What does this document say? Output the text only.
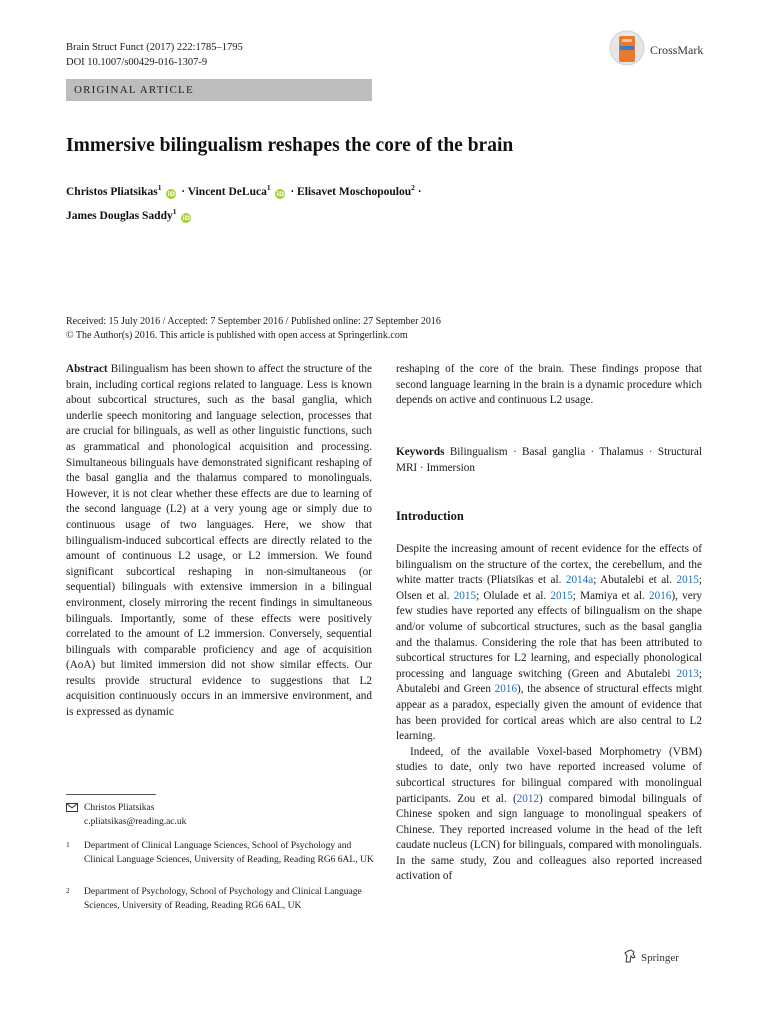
Brain Struct Funct (2017) 222:1785–1795
DOI 10.1007/s00429-016-1307-9
CrossMark
ORIGINAL ARTICLE
Immersive bilingualism reshapes the core of the brain
Christos Pliatsikas$^1$ iD · Vincent DeLuca$^1$ iD · Elisavet Moschopoulou$^2$ ·
James Douglas Saddy$^1$ iD
Received: 15 July 2016 / Accepted: 7 September 2016 / Published online: 27 September 2016
© The Author(s) 2016. This article is published with open access at Springerlink.com
Abstract Bilingualism has been shown to affect the structure of the brain, including cortical regions related to language. Less is known about subcortical structures, such as the basal ganglia, which underlie speech monitoring and language selection, processes that are crucial for bilinguals, as well as other linguistic functions, such as grammatical and phonological acquisition and processing. Simultaneous bilinguals have demonstrated significant reshaping of the basal ganglia and the thalamus compared to monolinguals. However, it is not clear whether these effects are due to learning of the second language (L2) at a very young age or simply due to continuous usage of two languages. Here, we show that bilingualism-induced subcortical effects are directly related to the amount of continuous L2 usage, or L2 immersion. We found significant subcortical reshaping in non-simultaneous (or sequential) bilinguals with extensive immersion in a bilingual environment, closely mirroring the recent findings in simultaneous bilinguals. Importantly, some of these effects were positively correlated to the amount of L2 immersion. Conversely, sequential bilinguals with comparable proficiency and age of acquisition (AoA) but limited immersion did not show similar effects. Our results provide structural evidence to suggestions that L2 acquisition continuously occurs in an immersive environment, and is expressed as dynamic
reshaping of the core of the brain. These findings propose that second language learning in the brain is a dynamic procedure which depends on active and continuous L2 usage.
Keywords Bilingualism · Basal ganglia · Thalamus · Structural MRI · Immersion
Introduction
Despite the increasing amount of recent evidence for the effects of bilingualism on the structure of the cortex, the cerebellum, and the white matter tracts (Pliatsikas et al. 2014a; Abutalebi et al. 2015; Olsen et al. 2015; Olulade et al. 2015; Mamiya et al. 2016), very few studies have reported any effects of bilingualism on the shape and/or volume of subcortical structures, such as the basal ganglia and the thalamus. Considering the role that has been attributed to subcortical structures for L2 learning, and especially phonological processing and language switching (Green and Abutalebi 2013; Abutalebi and Green 2016), the absence of structural effects might appear as a paradox, especially given the amount of evidence that has been provided for cortical areas which are also central to L2 learning.
Indeed, of the available Voxel-based Morphometry (VBM) studies to date, only two have reported increased volume of subcortical structures for bilingual compared with monolingual participants. Zou et al. (2012) compared bimodal bilinguals of Chinese spoken and sign language to monolingual speakers of Chinese. They reported increased volume in the head of the left caudate nucleus (LCN) for bilinguals, compared with monolinguals. In the same study, Zou and colleagues also reported increased activation of
Christos Pliatsikas
c.pliatsikas@reading.ac.uk
1 Department of Clinical Language Sciences, School of Psychology and Clinical Language Sciences, University of Reading, Reading RG6 6AL, UK
2 Department of Psychology, School of Psychology and Clinical Language Sciences, University of Reading, Reading RG6 6AL, UK
Springer
